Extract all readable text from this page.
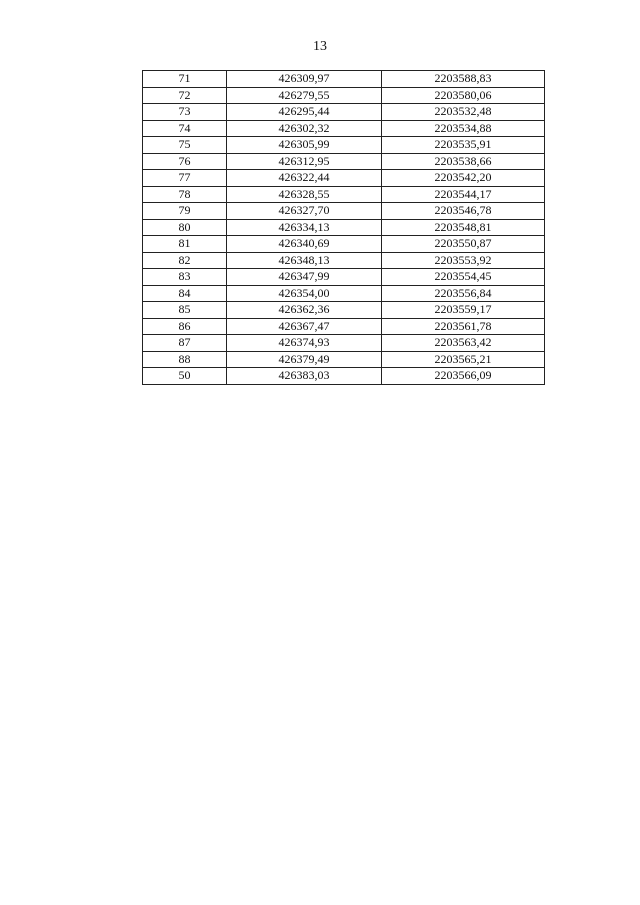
13
71	426309,97	2203588,83
72	426279,55	2203580,06
73	426295,44	2203532,48
74	426302,32	2203534,88
75	426305,99	2203535,91
76	426312,95	2203538,66
77	426322,44	2203542,20
78	426328,55	2203544,17
79	426327,70	2203546,78
80	426334,13	2203548,81
81	426340,69	2203550,87
82	426348,13	2203553,92
83	426347,99	2203554,45
84	426354,00	2203556,84
85	426362,36	2203559,17
86	426367,47	2203561,78
87	426374,93	2203563,42
88	426379,49	2203565,21
50	426383,03	2203566,09
